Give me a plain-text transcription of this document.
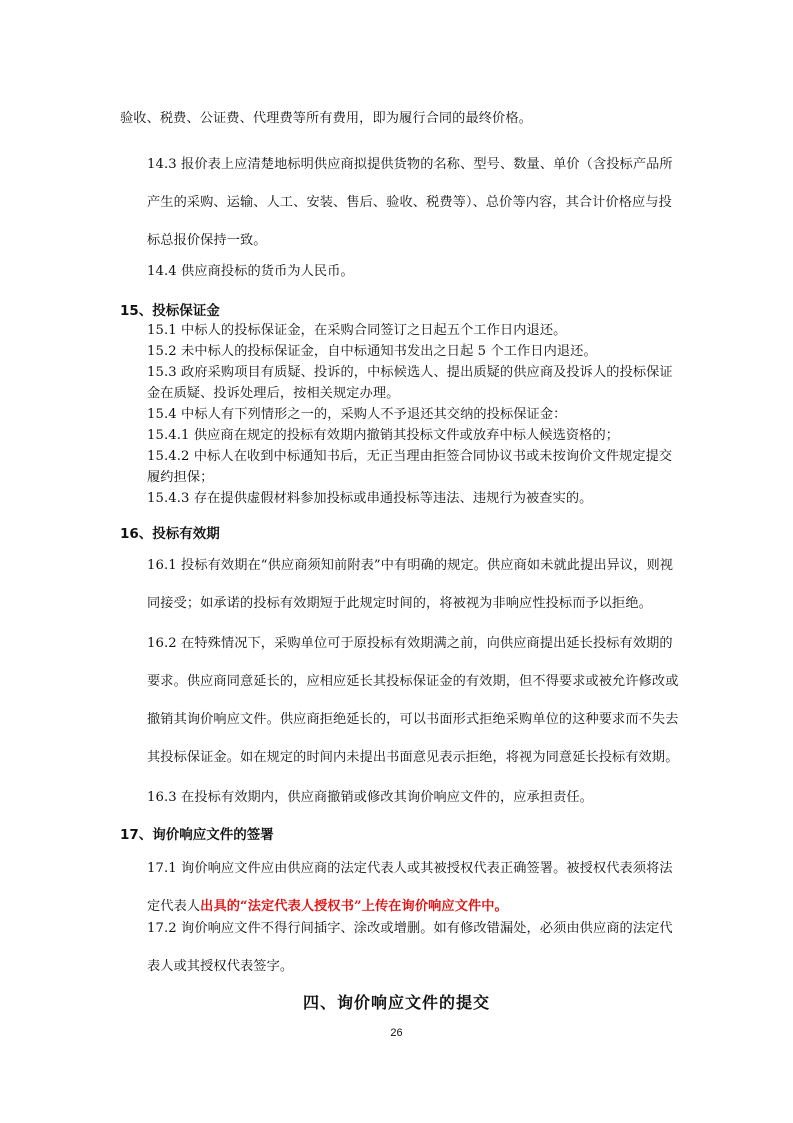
验收、税费、公证费、代理费等所有费用，即为履行合同的最终价格。
14.3 报价表上应清楚地标明供应商拟提供货物的名称、型号、数量、单价（含投标产品所产生的采购、运输、人工、安装、售后、验收、税费等）、总价等内容，其合计价格应与投标总报价保持一致。
14.4 供应商投标的货币为人民币。
15、投标保证金
15.1 中标人的投标保证金，在采购合同签订之日起五个工作日内退还。
15.2 未中标人的投标保证金，自中标通知书发出之日起 5 个工作日内退还。
15.3 政府采购项目有质疑、投诉的，中标候选人、提出质疑的供应商及投诉人的投标保证金在质疑、投诉处理后，按相关规定办理。
15.4 中标人有下列情形之一的，采购人不予退还其交纳的投标保证金：
15.4.1 供应商在规定的投标有效期内撤销其投标文件或放弃中标人候选资格的；
15.4.2 中标人在收到中标通知书后，无正当理由拒签合同协议书或未按询价文件规定提交履约担保；
15.4.3 存在提供虚假材料参加投标或串通投标等违法、违规行为被查实的。
16、投标有效期
16.1 投标有效期在“供应商须知前附表”中有明确的规定。供应商如未就此提出异议，则视同接受；如承诺的投标有效期短于此规定时间的，将被视为非响应性投标而予以拒绝。
16.2 在特殊情况下，采购单位可于原投标有效期满之前，向供应商提出延长投标有效期的要求。供应商同意延长的，应相应延长其投标保证金的有效期，但不得要求或被允许修改或撤销其询价响应文件。供应商拒绝延长的，可以书面形式拒绝采购单位的这种要求而不失去其投标保证金。如在规定的时间内未提出书面意见表示拒绝，将视为同意延长投标有效期。
16.3 在投标有效期内，供应商撤销或修改其询价响应文件的，应承担责任。
17、询价响应文件的签署
17.1 询价响应文件应由供应商的法定代表人或其被授权代表正确签署。被授权代表须将法定代表人出具的“法定代表人授权书”上传在询价响应文件中。
17.2 询价响应文件不得行间插字、涂改或增删。如有修改错漏处，必须由供应商的法定代表人或其授权代表签字。
四、询价响应文件的提交
26
